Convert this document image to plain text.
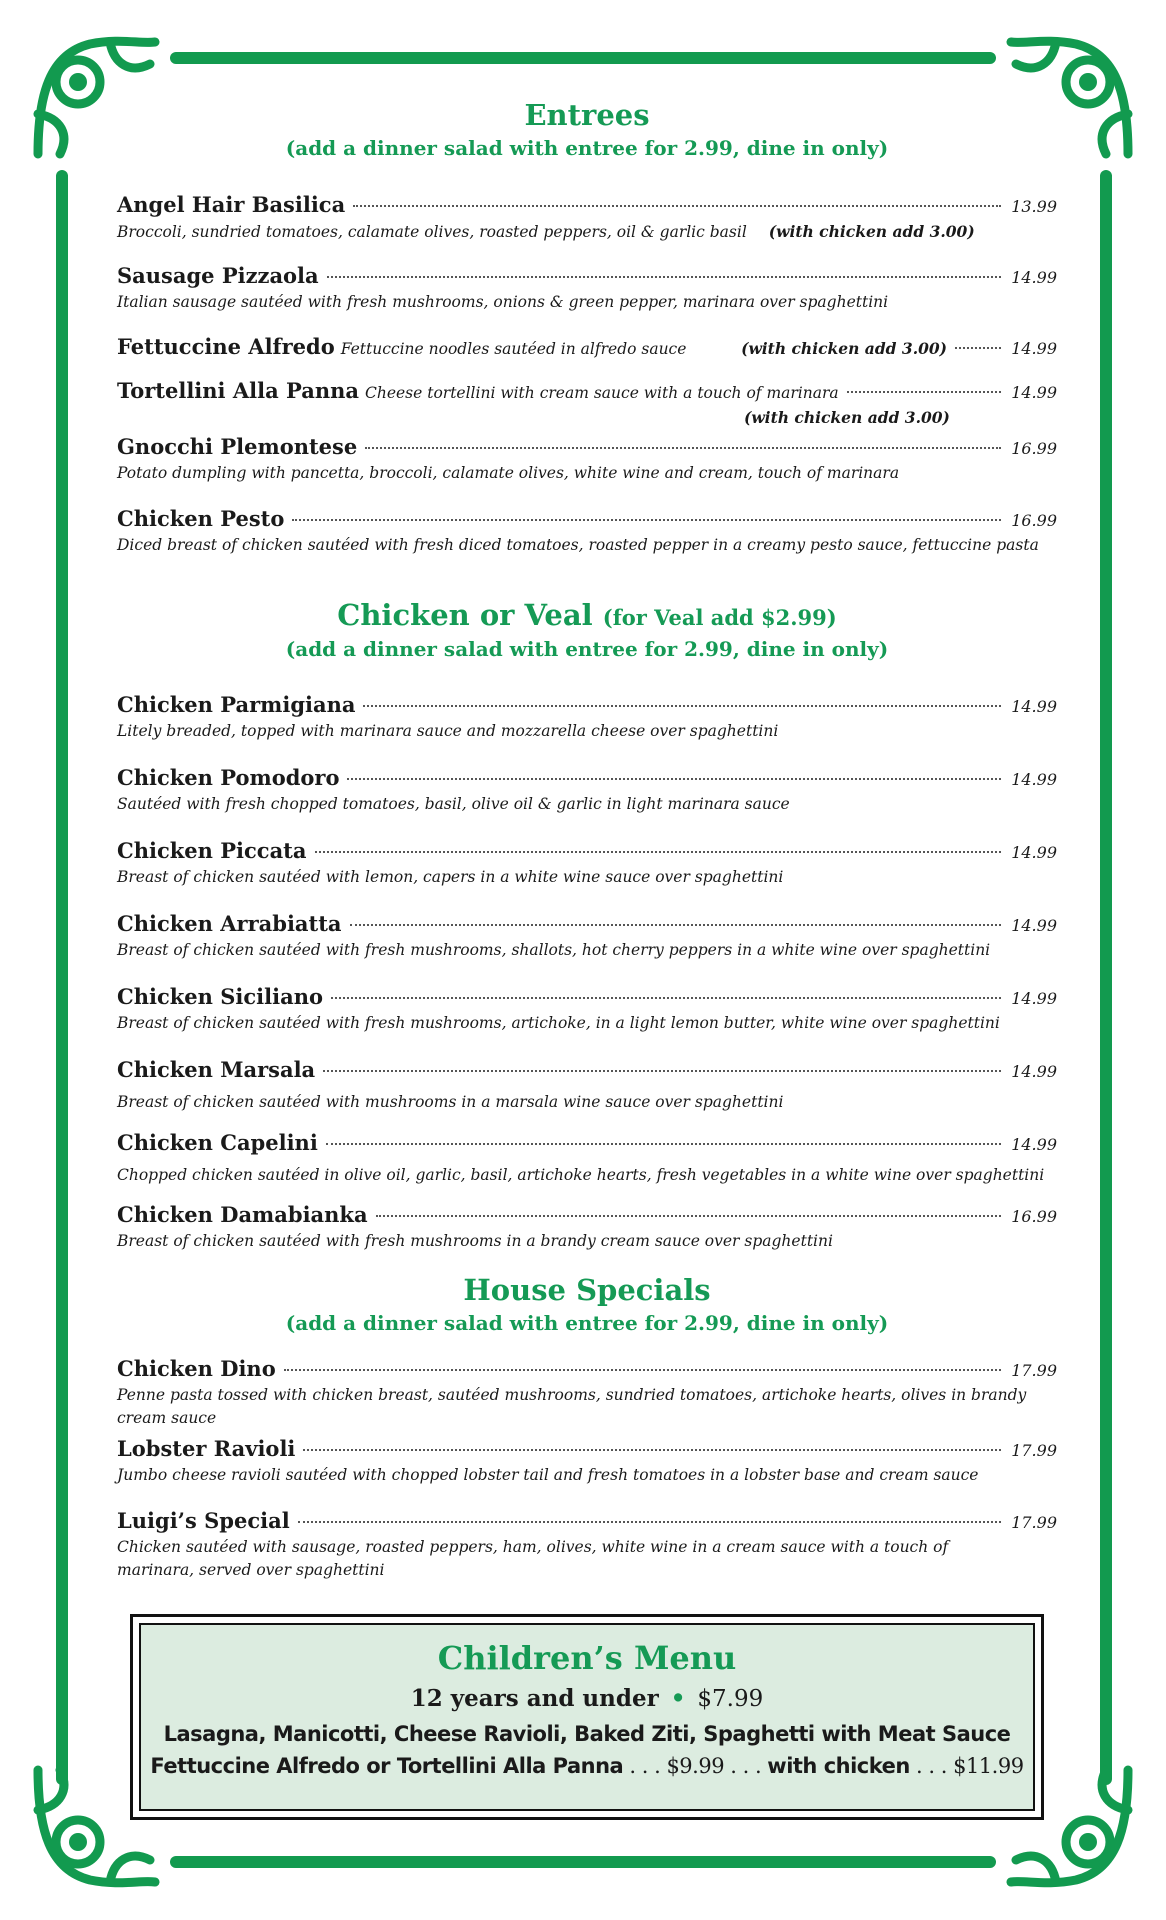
Entrees
(add a dinner salad with entree for 2.99, dine in only)
Angel Hair Basilica	13.99
Broccoli, sundried tomatoes, calamate olives, roasted peppers, oil & garlic basil (with chicken add 3.00)
Sausage Pizzaola	14.99
Italian sausage sautéed with fresh mushrooms, onions & green pepper, marinara over spaghettini
Fettuccine Alfredo Fettuccine noodles sautéed in alfredo sauce	(with chicken add 3.00)	14.99
Tortellini Alla Panna Cheese tortellini with cream sauce with a touch of marinara	14.99
(with chicken add 3.00)
Gnocchi Plemontese	16.99
Potato dumpling with pancetta, broccoli, calamate olives, white wine and cream, touch of marinara
Chicken Pesto	16.99
Diced breast of chicken sautéed with fresh diced tomatoes, roasted pepper in a creamy pesto sauce, fettuccine pasta
Chicken or Veal (for Veal add $2.99)
(add a dinner salad with entree for 2.99, dine in only)
Chicken Parmigiana	14.99
Litely breaded, topped with marinara sauce and mozzarella cheese over spaghettini
Chicken Pomodoro	14.99
Sautéed with fresh chopped tomatoes, basil, olive oil & garlic in light marinara sauce
Chicken Piccata	14.99
Breast of chicken sautéed with lemon, capers in a white wine sauce over spaghettini
Chicken Arrabiatta	14.99
Breast of chicken sautéed with fresh mushrooms, shallots, hot cherry peppers in a white wine over spaghettini
Chicken Siciliano	14.99
Breast of chicken sautéed with fresh mushrooms, artichoke, in a light lemon butter, white wine over spaghettini
Chicken Marsala	14.99
Breast of chicken sautéed with mushrooms in a marsala wine sauce over spaghettini
Chicken Capelini	14.99
Chopped chicken sautéed in olive oil, garlic, basil, artichoke hearts, fresh vegetables in a white wine over spaghettini
Chicken Damabianka	16.99
Breast of chicken sautéed with fresh mushrooms in a brandy cream sauce over spaghettini
House Specials
(add a dinner salad with entree for 2.99, dine in only)
Chicken Dino	17.99
Penne pasta tossed with chicken breast, sautéed mushrooms, sundried tomatoes, artichoke hearts, olives in brandy cream sauce
Lobster Ravioli	17.99
Jumbo cheese ravioli sautéed with chopped lobster tail and fresh tomatoes in a lobster base and cream sauce
Luigi’s Special	17.99
Chicken sautéed with sausage, roasted peppers, ham, olives, white wine in a cream sauce with a touch of marinara, served over spaghettini
Children’s Menu
12 years and under • $7.99
Lasagna, Manicotti, Cheese Ravioli, Baked Ziti, Spaghetti with Meat Sauce
Fettuccine Alfredo or Tortellini Alla Panna . . . $9.99 . . . with chicken . . . $11.99
